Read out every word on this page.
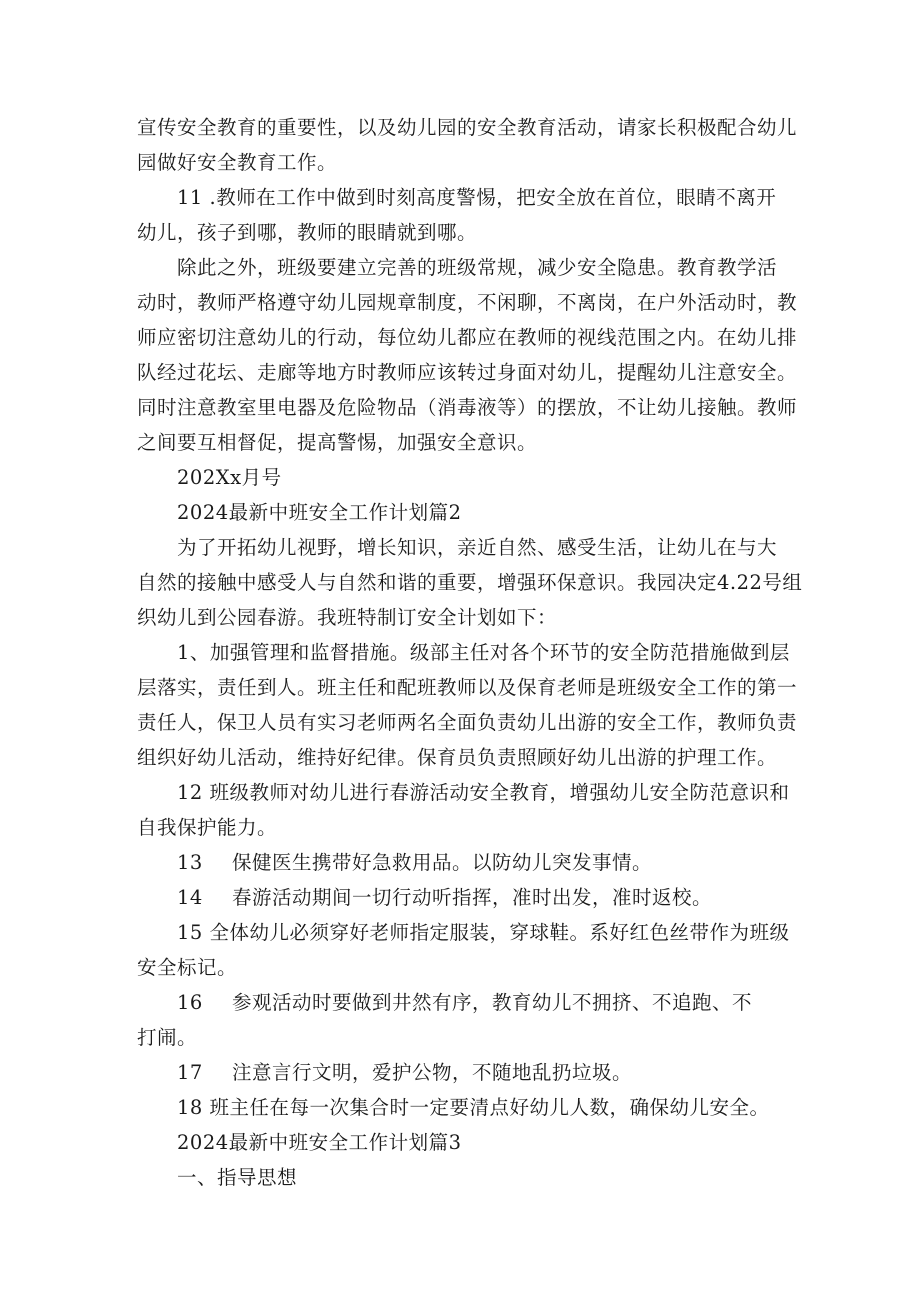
宣传安全教育的重要性，以及幼儿园的安全教育活动，请家长积极配合幼儿
园做好安全教育工作。
11 .教师在工作中做到时刻高度警惕，把安全放在首位，眼睛不离开
幼儿，孩子到哪，教师的眼睛就到哪。
除此之外，班级要建立完善的班级常规，减少安全隐患。教育教学活
动时，教师严格遵守幼儿园规章制度，不闲聊，不离岗，在户外活动时，教
师应密切注意幼儿的行动，每位幼儿都应在教师的视线范围之内。在幼儿排
队经过花坛、走廊等地方时教师应该转过身面对幼儿，提醒幼儿注意安全。
同时注意教室里电器及危险物品（消毒液等）的摆放，不让幼儿接触。教师
之间要互相督促，提高警惕，加强安全意识。
202Xx月号
2024最新中班安全工作计划篇2
为了开拓幼儿视野，增长知识，亲近自然、感受生活，让幼儿在与大
自然的接触中感受人与自然和谐的重要，增强环保意识。我园决定4.22号组
织幼儿到公园春游。我班特制订安全计划如下：
1、加强管理和监督措施。级部主任对各个环节的安全防范措施做到层
层落实，责任到人。班主任和配班教师以及保育老师是班级安全工作的第一
责任人，保卫人员有实习老师两名全面负责幼儿出游的安全工作，教师负责
组织好幼儿活动，维持好纪律。保育员负责照顾好幼儿出游的护理工作。
12 班级教师对幼儿进行春游活动安全教育，增强幼儿安全防范意识和
自我保护能力。
13 保健医生携带好急救用品。以防幼儿突发事情。
14 春游活动期间一切行动听指挥，准时出发，准时返校。
15 全体幼儿必须穿好老师指定服装，穿球鞋。系好红色丝带作为班级
安全标记。
16 参观活动时要做到井然有序，教育幼儿不拥挤、不追跑、不
打闹。
17 注意言行文明，爱护公物，不随地乱扔垃圾。
18 班主任在每一次集合时一定要清点好幼儿人数，确保幼儿安全。
2024最新中班安全工作计划篇3
一、指导思想
